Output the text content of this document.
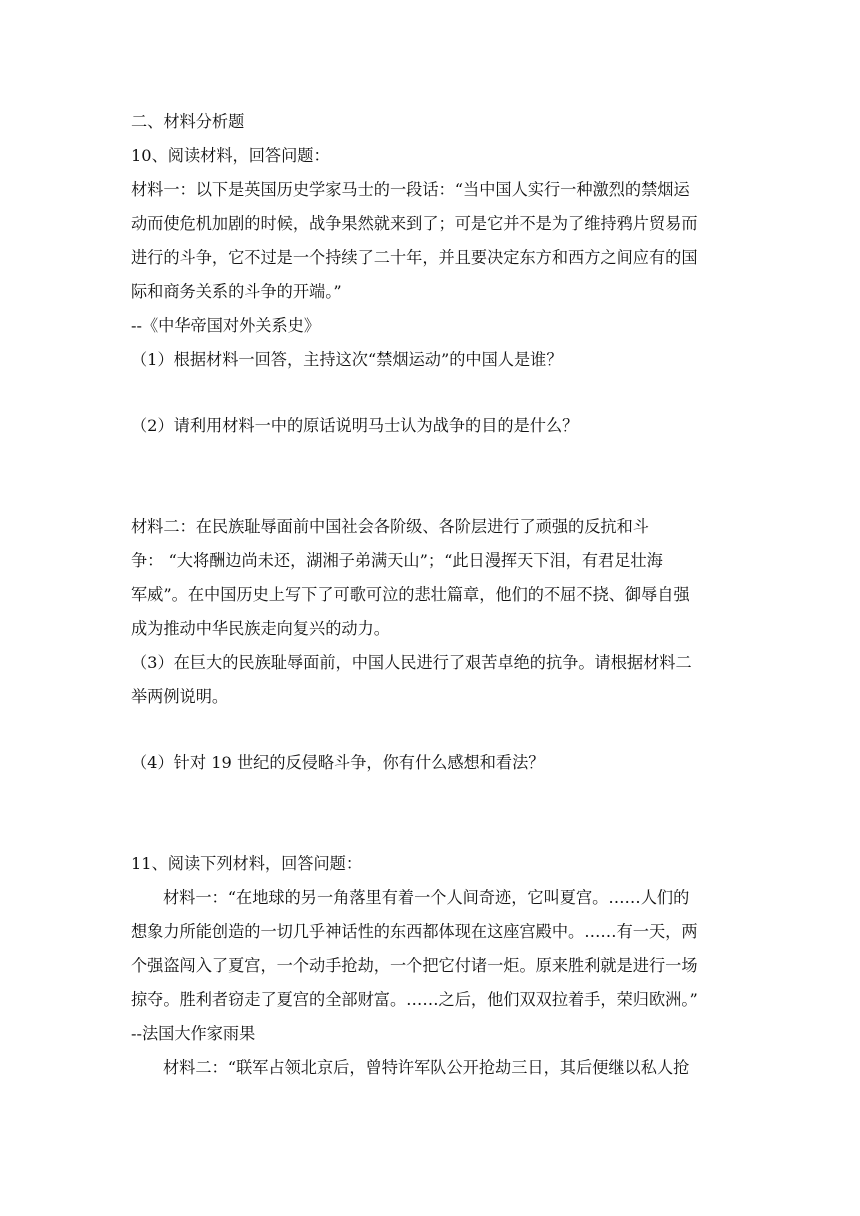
二、材料分析题
10、阅读材料，回答问题：
材料一：以下是英国历史学家马士的一段话：“当中国人实行一种激烈的禁烟运
动而使危机加剧的时候，战争果然就来到了；可是它并不是为了维持鸦片贸易而
进行的斗争，它不过是一个持续了二十年，并且要决定东方和西方之间应有的国
际和商务关系的斗争的开端。”
--《中华帝国对外关系史》
（1）根据材料一回答，主持这次“禁烟运动”的中国人是谁？
（2）请利用材料一中的原话说明马士认为战争的目的是什么？
材料二：在民族耻辱面前中国社会各阶级、各阶层进行了顽强的反抗和斗
争： “大将酬边尚未还，湖湘子弟满天山”；“此日漫挥天下泪，有君足壮海
军威”。在中国历史上写下了可歌可泣的悲壮篇章，他们的不屈不挠、御辱自强
成为推动中华民族走向复兴的动力。
（3）在巨大的民族耻辱面前，中国人民进行了艰苦卓绝的抗争。请根据材料二
举两例说明。
（4）针对 19 世纪的反侵略斗争，你有什么感想和看法？
11、阅读下列材料，回答问题：
材料一：“在地球的另一角落里有着一个人间奇迹，它叫夏宫。……人们的
想象力所能创造的一切几乎神话性的东西都体现在这座宫殿中。……有一天，两
个强盗闯入了夏宫，一个动手抢劫，一个把它付诸一炬。原来胜利就是进行一场
掠夺。胜利者窃走了夏宫的全部财富。……之后，他们双双拉着手，荣归欧洲。”
--法国大作家雨果
材料二：“联军占领北京后，曾特许军队公开抢劫三日，其后便继以私人抢
